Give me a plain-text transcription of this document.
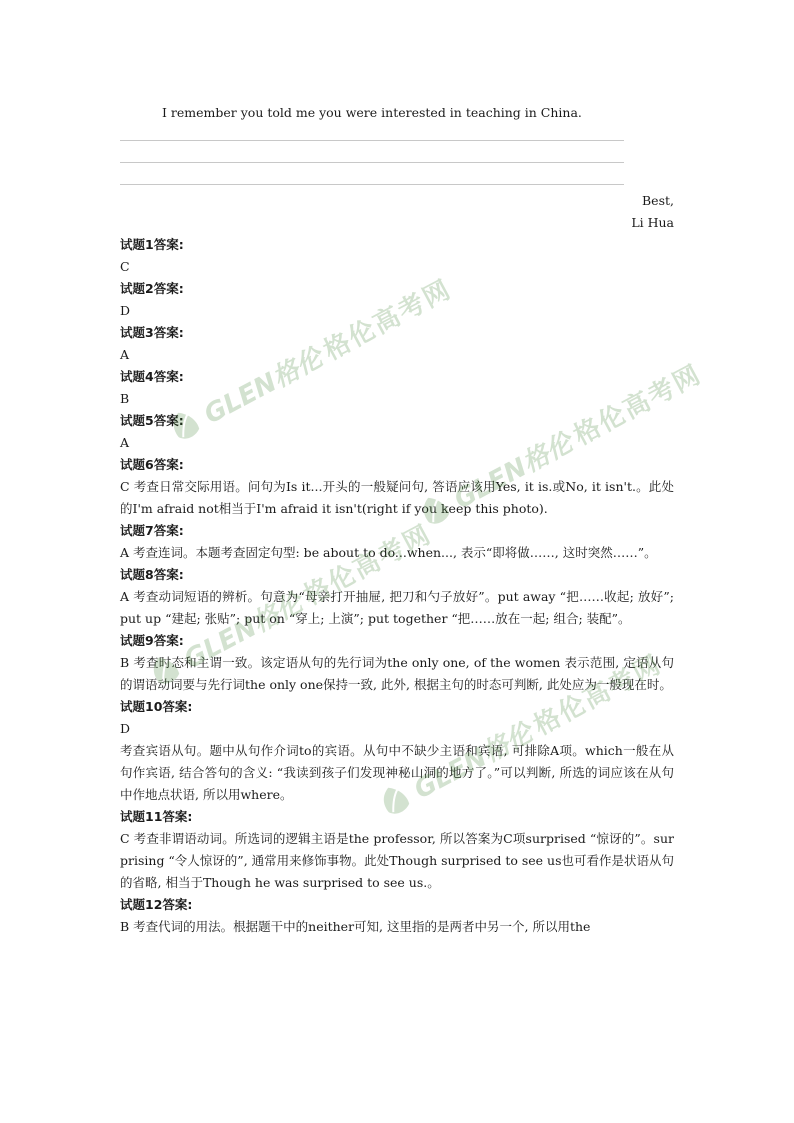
I remember you told me you were interested in teaching in China.
Best,
Li Hua
试题1答案:
C
试题2答案:
D
试题3答案:
A
试题4答案:
B
试题5答案:
A
试题6答案:
C 考查日常交际用语。问句为Is it...开头的一般疑问句, 答语应该用Yes, it is.或No, it isn't.。此处的I'm afraid not相当于I'm afraid it isn't(right if you keep this photo).
试题7答案:
A 考查连词。本题考查固定句型: be about to do...when..., 表示“即将做……, 这时突然……”。
试题8答案:
A 考查动词短语的辨析。句意为“母亲打开抽屉, 把刀和勺子放好”。put away “把……收起; 放好”; put up “建起; 张贴”; put on “穿上; 上演”; put together “把……放在一起; 组合; 装配”。
试题9答案:
B 考查时态和主谓一致。该定语从句的先行词为the only one, of the women 表示范围, 定语从句的谓语动词要与先行词the only one保持一致, 此外, 根据主句的时态可判断, 此处应为一般现在时。
试题10答案:
D
考查宾语从句。题中从句作介词to的宾语。从句中不缺少主语和宾语, 可排除A项。which一般在从句作宾语, 结合答句的含义: “我读到孩子们发现神秘山洞的地方了。”可以判断, 所选的词应该在从句中作地点状语, 所以用where。
试题11答案:
C 考查非谓语动词。所选词的逻辑主语是the professor, 所以答案为C项surprised “惊讶的”。surprising “令人惊讶的”, 通常用来修饰事物。此处Though surprised to see us也可看作是状语从句的省略, 相当于Though he was surprised to see us.。
试题12答案:
B 考查代词的用法。根据题干中的neither可知, 这里指的是两者中另一个, 所以用the
GLEN格伦
格伦高考网
GLEN格伦
格伦高考网
GLEN格伦
格伦高考网
GLEN格伦
格伦高考网
